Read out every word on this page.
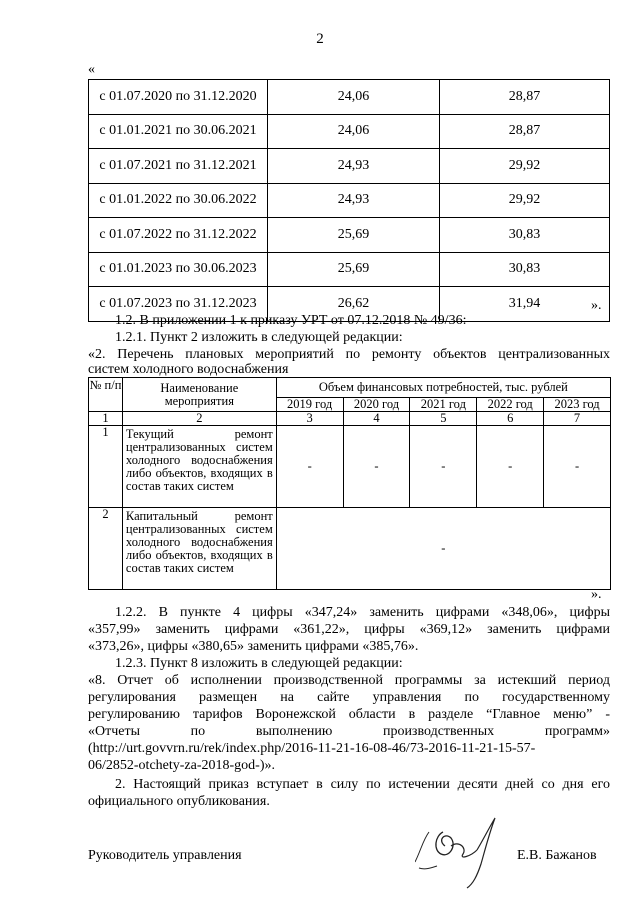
2
«
с 01.07.2020 по 31.12.2020	24,06	28,87
с 01.01.2021 по 30.06.2021	24,06	28,87
с 01.07.2021 по 31.12.2021	24,93	29,92
с 01.01.2022 по 30.06.2022	24,93	29,92
с 01.07.2022 по 31.12.2022	25,69	30,83
с 01.01.2023 по 30.06.2023	25,69	30,83
с 01.07.2023 по 31.12.2023	26,62	31,94	».
1.2. В приложении 1 к приказу УРТ от 07.12.2018 № 49/36:
1.2.1. Пункт 2 изложить в следующей редакции:
«2. Перечень плановых мероприятий по ремонту объектов централизованных
систем холодного водоснабжения
№ п/п	Наименование мероприятия	Объем финансовых потребностей, тыс. рублей				
		2019 год	2020 год	2021 год	2022 год	2023 год
1	2	3	4	5	6	7
1	Текущий ремонт централизованных систем холодного водоснабжения либо объектов, входящих в состав таких систем	-	-	-	-	-
2	Капитальный ремонт централизованных систем холодного водоснабжения либо объектов, входящих в состав таких систем	-				
».
1.2.2. В пункте 4 цифры «347,24» заменить цифрами «348,06», цифры
«357,99» заменить цифрами «361,22», цифры «369,12» заменить цифрами
«373,26», цифры «380,65» заменить цифрами «385,76».
1.2.3. Пункт 8 изложить в следующей редакции:
«8. Отчет об исполнении производственной программы за истекший период
регулирования размещен на сайте управления по государственному
регулированию тарифов Воронежской области в разделе “Главное меню” -
«Отчеты по выполнению производственных программ»
(http://urt.govvrn.ru/rek/index.php/2016-11-21-16-08-46/73-2016-11-21-15-57-
06/2852-otchety-za-2018-god-)».
2. Настоящий приказ вступает в силу по истечении десяти дней со дня его
официального опубликования.
Руководитель управления	Е.В. Бажанов
